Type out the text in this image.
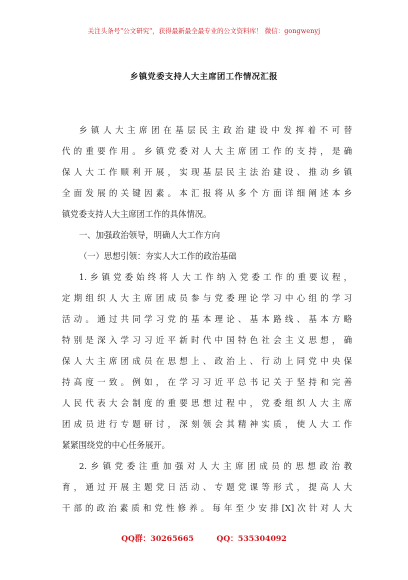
关注头条号"公文研究"，获得最新最全最专业的公文资料库！ 微信：gongwenyj
乡镇党委支持人大主席团工作情况汇报
乡镇人大主席团在基层民主政治建设中发挥着不可替
代的重要作用。乡镇党委对人大主席团工作的支持，是确
保人大工作顺利开展，实现基层民主法治建设、推动乡镇
全面发展的关键因素。本汇报将从多个方面详细阐述本乡
镇党委支持人大主席团工作的具体情况。
一、加强政治领导，明确人大工作方向
（一）思想引领：夯实人大工作的政治基础
1.乡镇党委始终将人大工作纳入党委工作的重要议程，
定期组织人大主席团成员参与党委理论学习中心组的学习
活动。通过共同学习党的基本理论、基本路线、基本方略
特别是深入学习习近平新时代中国特色社会主义思想，确
保人大主席团成员在思想上、政治上、行动上同党中央保
持高度一致。例如，在学习习近平总书记关于坚持和完善
人民代表大会制度的重要思想过程中，党委组织人大主席
团成员进行专题研讨，深刻领会其精神实质，使人大工作
紧紧围绕党的中心任务展开。
2.乡镇党委注重加强对人大主席团成员的思想政治教
育，通过开展主题党日活动、专题党课等形式，提高人大
干部的政治素质和党性修养。每年至少安排[X]次针对人大
QQ群：30265665	QQ：535304092
